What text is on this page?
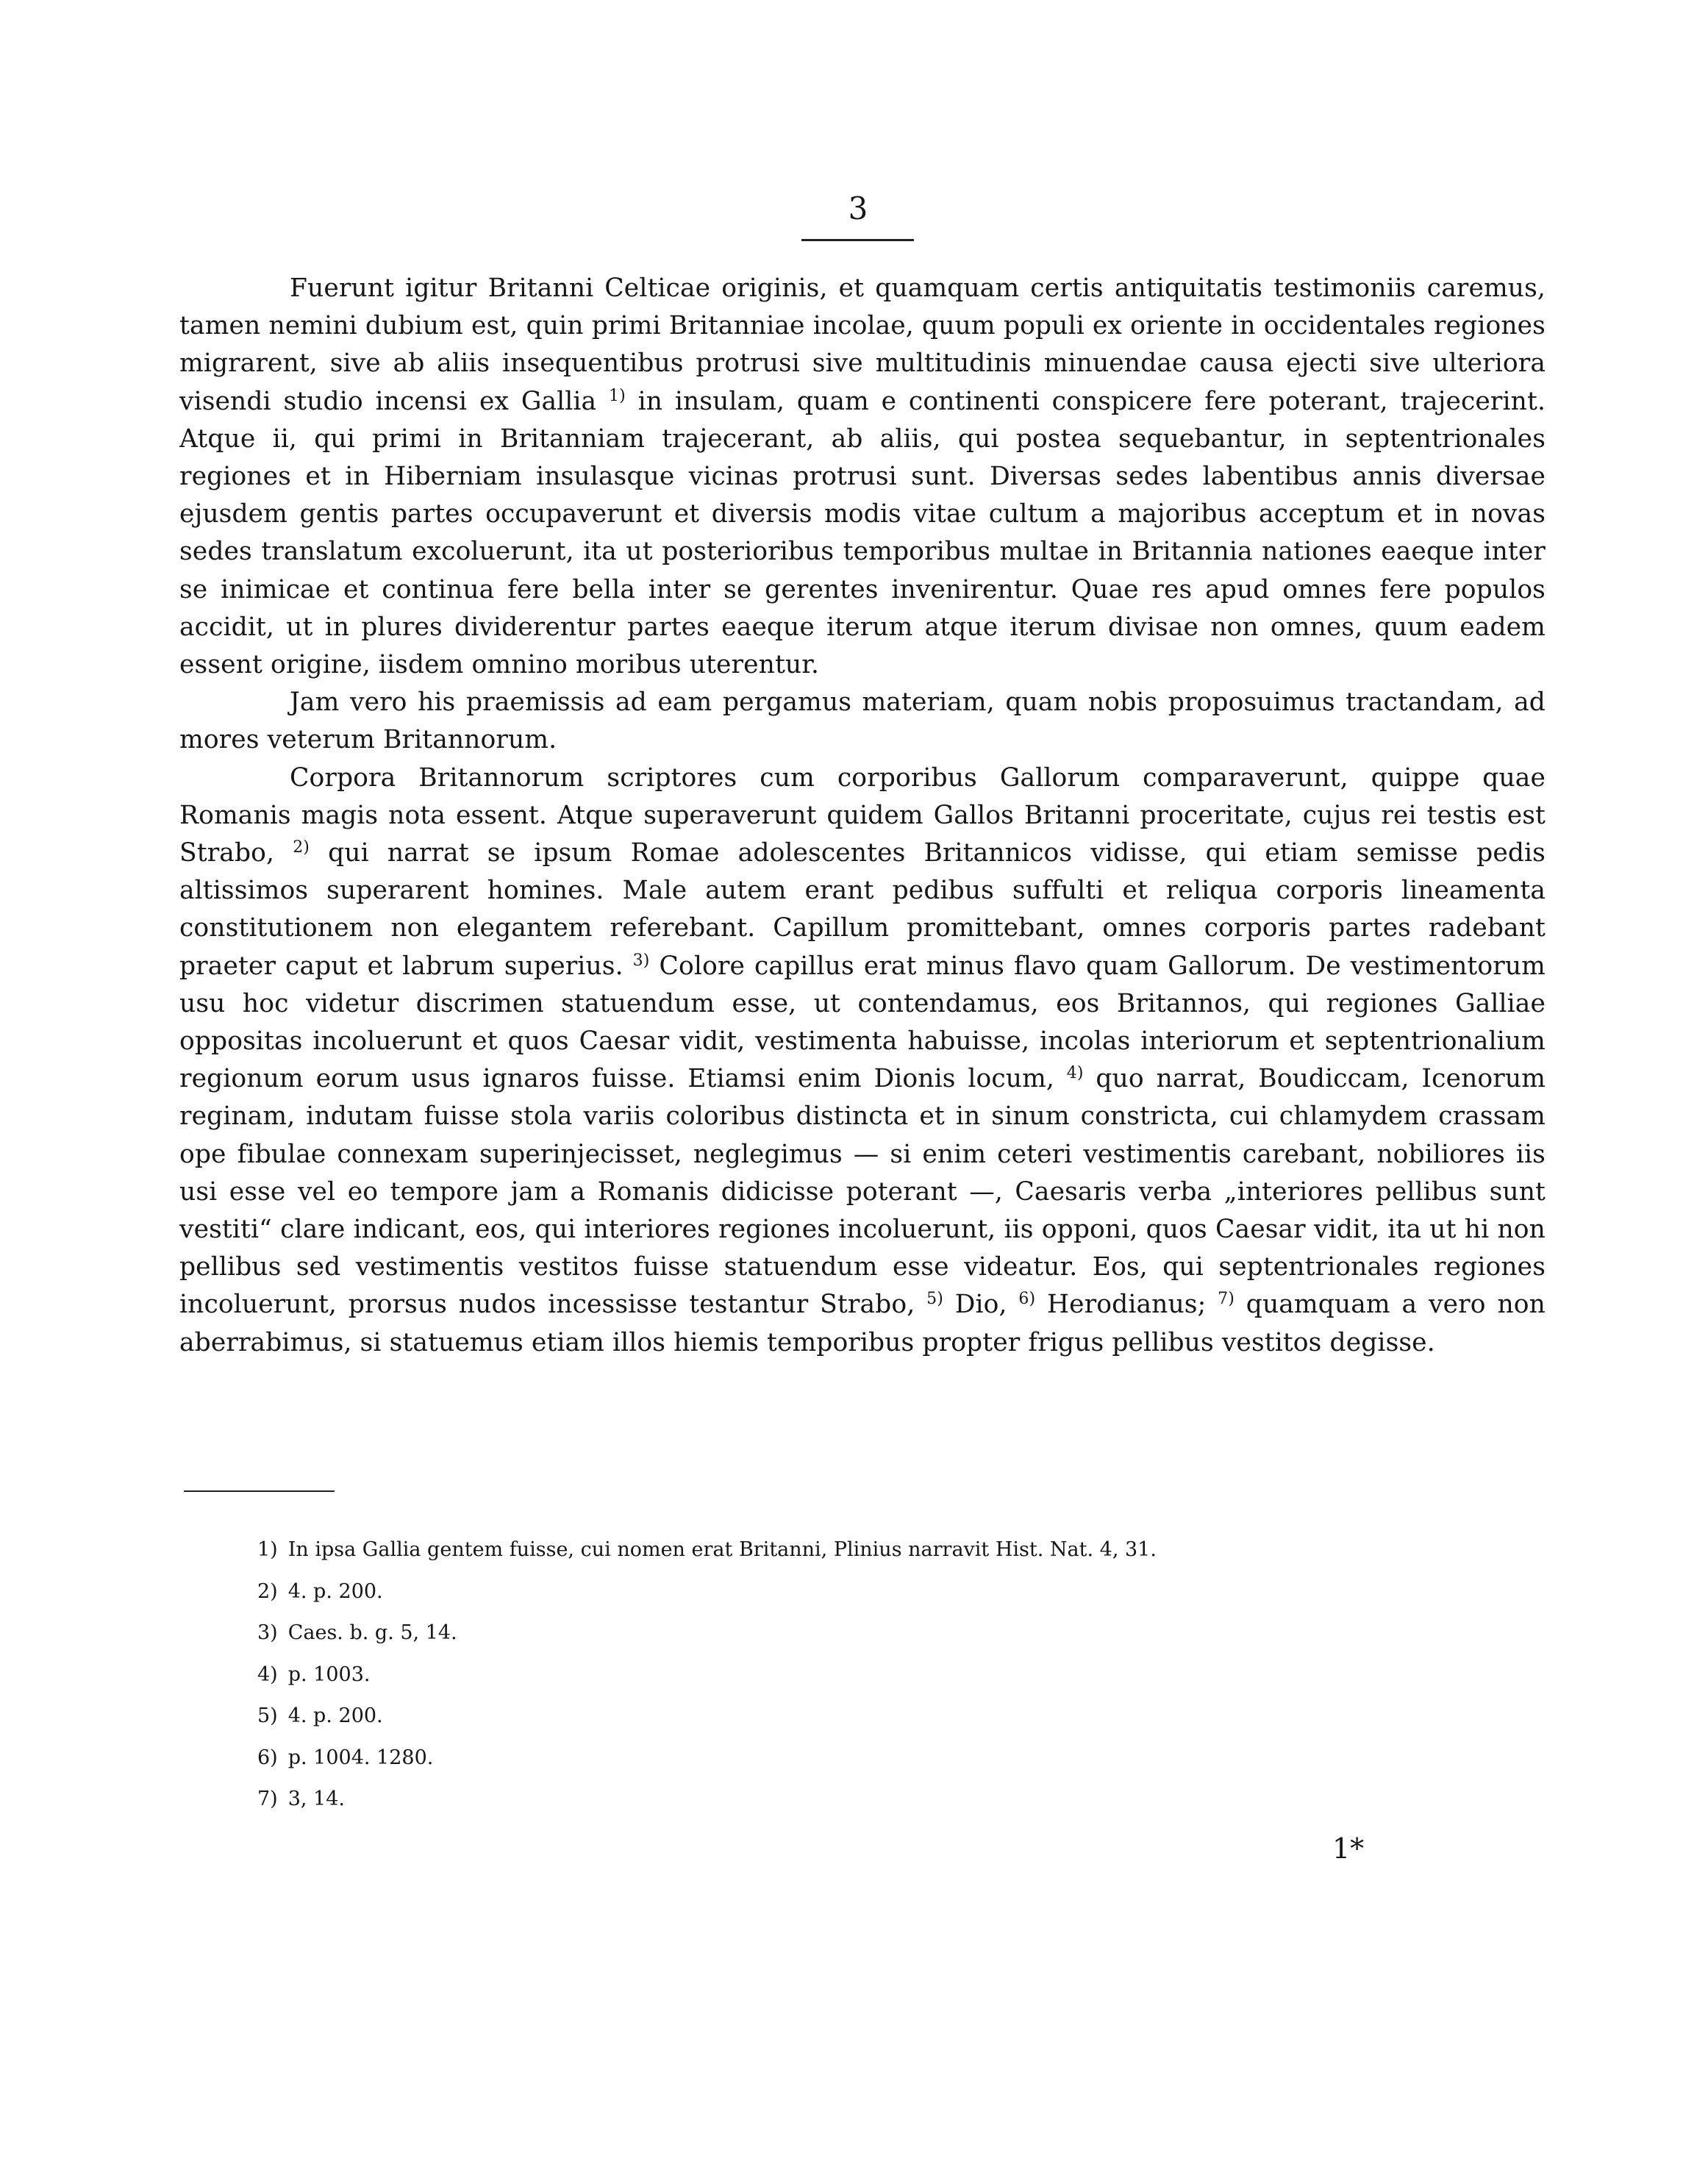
3

Fuerunt igitur Britanni Celticae originis, et quamquam certis antiquitatis testimoniis caremus, tamen nemini dubium est, quin primi Britanniae incolae, quum populi ex oriente in occidentales regiones migrarent, sive ab aliis insequentibus protrusi sive multitudinis minuendae causa ejecti sive ulteriora visendi studio incensi ex Gallia $^{1)}$ in insulam, quam e continenti conspicere fere poterant, trajecerint. Atque ii, qui primi in Britanniam trajecerant, ab aliis, qui postea sequebantur, in septentrionales regiones et in Hiberniam insulasque vicinas protrusi sunt. Diversas sedes labentibus annis diversae ejusdem gentis partes occupaverunt et diversis modis vitae cultum a majoribus acceptum et in novas sedes translatum excoluerunt, ita ut posterioribus temporibus multae in Britannia nationes eaeque inter se inimicae et continua fere bella inter se gerentes invenirentur. Quae res apud omnes fere populos accidit, ut in plures dividerentur partes eaeque iterum atque iterum divisae non omnes, quum eadem essent origine, iisdem omnino moribus uterentur.

Jam vero his praemissis ad eam pergamus materiam, quam nobis proposuimus tractandam, ad mores veterum Britannorum.

Corpora Britannorum scriptores cum corporibus Gallorum comparaverunt, quippe quae Romanis magis nota essent. Atque superaverunt quidem Gallos Britanni proceritate, cujus rei testis est Strabo, $^{2)}$ qui narrat se ipsum Romae adolescentes Britannicos vidisse, qui etiam semisse pedis altissimos superarent homines. Male autem erant pedibus suffulti et reliqua corporis lineamenta constitutionem non elegantem referebant. Capillum promittebant, omnes corporis partes radebant praeter caput et labrum superius. $^{3)}$ Colore capillus erat minus flavo quam Gallorum. De vestimentorum usu hoc videtur discrimen statuendum esse, ut contendamus, eos Britannos, qui regiones Galliae oppositas incoluerunt et quos Caesar vidit, vestimenta habuisse, incolas interiorum et septentrionalium regionum eorum usus ignaros fuisse. Etiamsi enim Dionis locum, $^{4)}$ quo narrat, Boudiccam, Icenorum reginam, indutam fuisse stola variis coloribus distincta et in sinum constricta, cui chlamydem crassam ope fibulae connexam superinjecisset, neglegimus — si enim ceteri vestimentis carebant, nobiliores iis usi esse vel eo tempore jam a Romanis didicisse poterant —, Caesaris verba „interiores pellibus sunt vestiti“ clare indicant, eos, qui interiores regiones incoluerunt, iis opponi, quos Caesar vidit, ita ut hi non pellibus sed vestimentis vestitos fuisse statuendum esse videatur. Eos, qui septentrionales regiones incoluerunt, prorsus nudos incessisse testantur Strabo, $^{5)}$ Dio, $^{6)}$ Herodianus; $^{7)}$ quamquam a vero non aberrabimus, si statuemus etiam illos hiemis temporibus propter frigus pellibus vestitos degisse.

1) In ipsa Gallia gentem fuisse, cui nomen erat Britanni, Plinius narravit Hist. Nat. 4, 31.
2) 4. p. 200.
3) Caes. b. g. 5, 14.
4) p. 1003.
5) 4. p. 200.
6) p. 1004. 1280.
7) 3, 14.
1*
